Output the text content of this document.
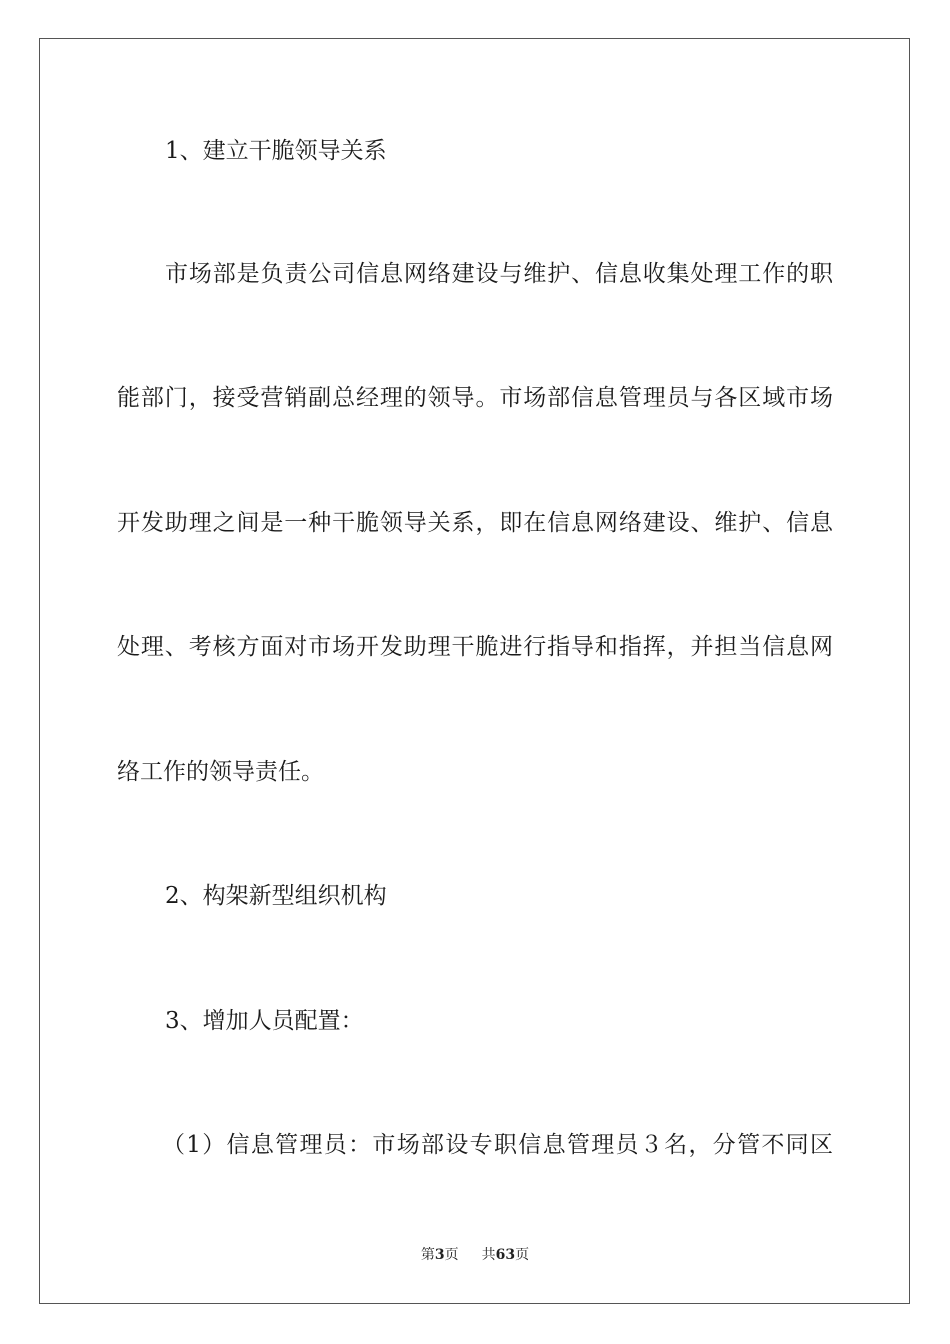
1、建立干脆领导关系
市场部是负责公司信息网络建设与维护、信息收集处理工作的职
能部门，接受营销副总经理的领导。市场部信息管理员与各区域市场
开发助理之间是一种干脆领导关系，即在信息网络建设、维护、信息
处理、考核方面对市场开发助理干脆进行指导和指挥，并担当信息网
络工作的领导责任。
2、构架新型组织机构
3、增加人员配置：
（1）信息管理员：市场部设专职信息管理员３名，分管不同区
第3页 共63页
